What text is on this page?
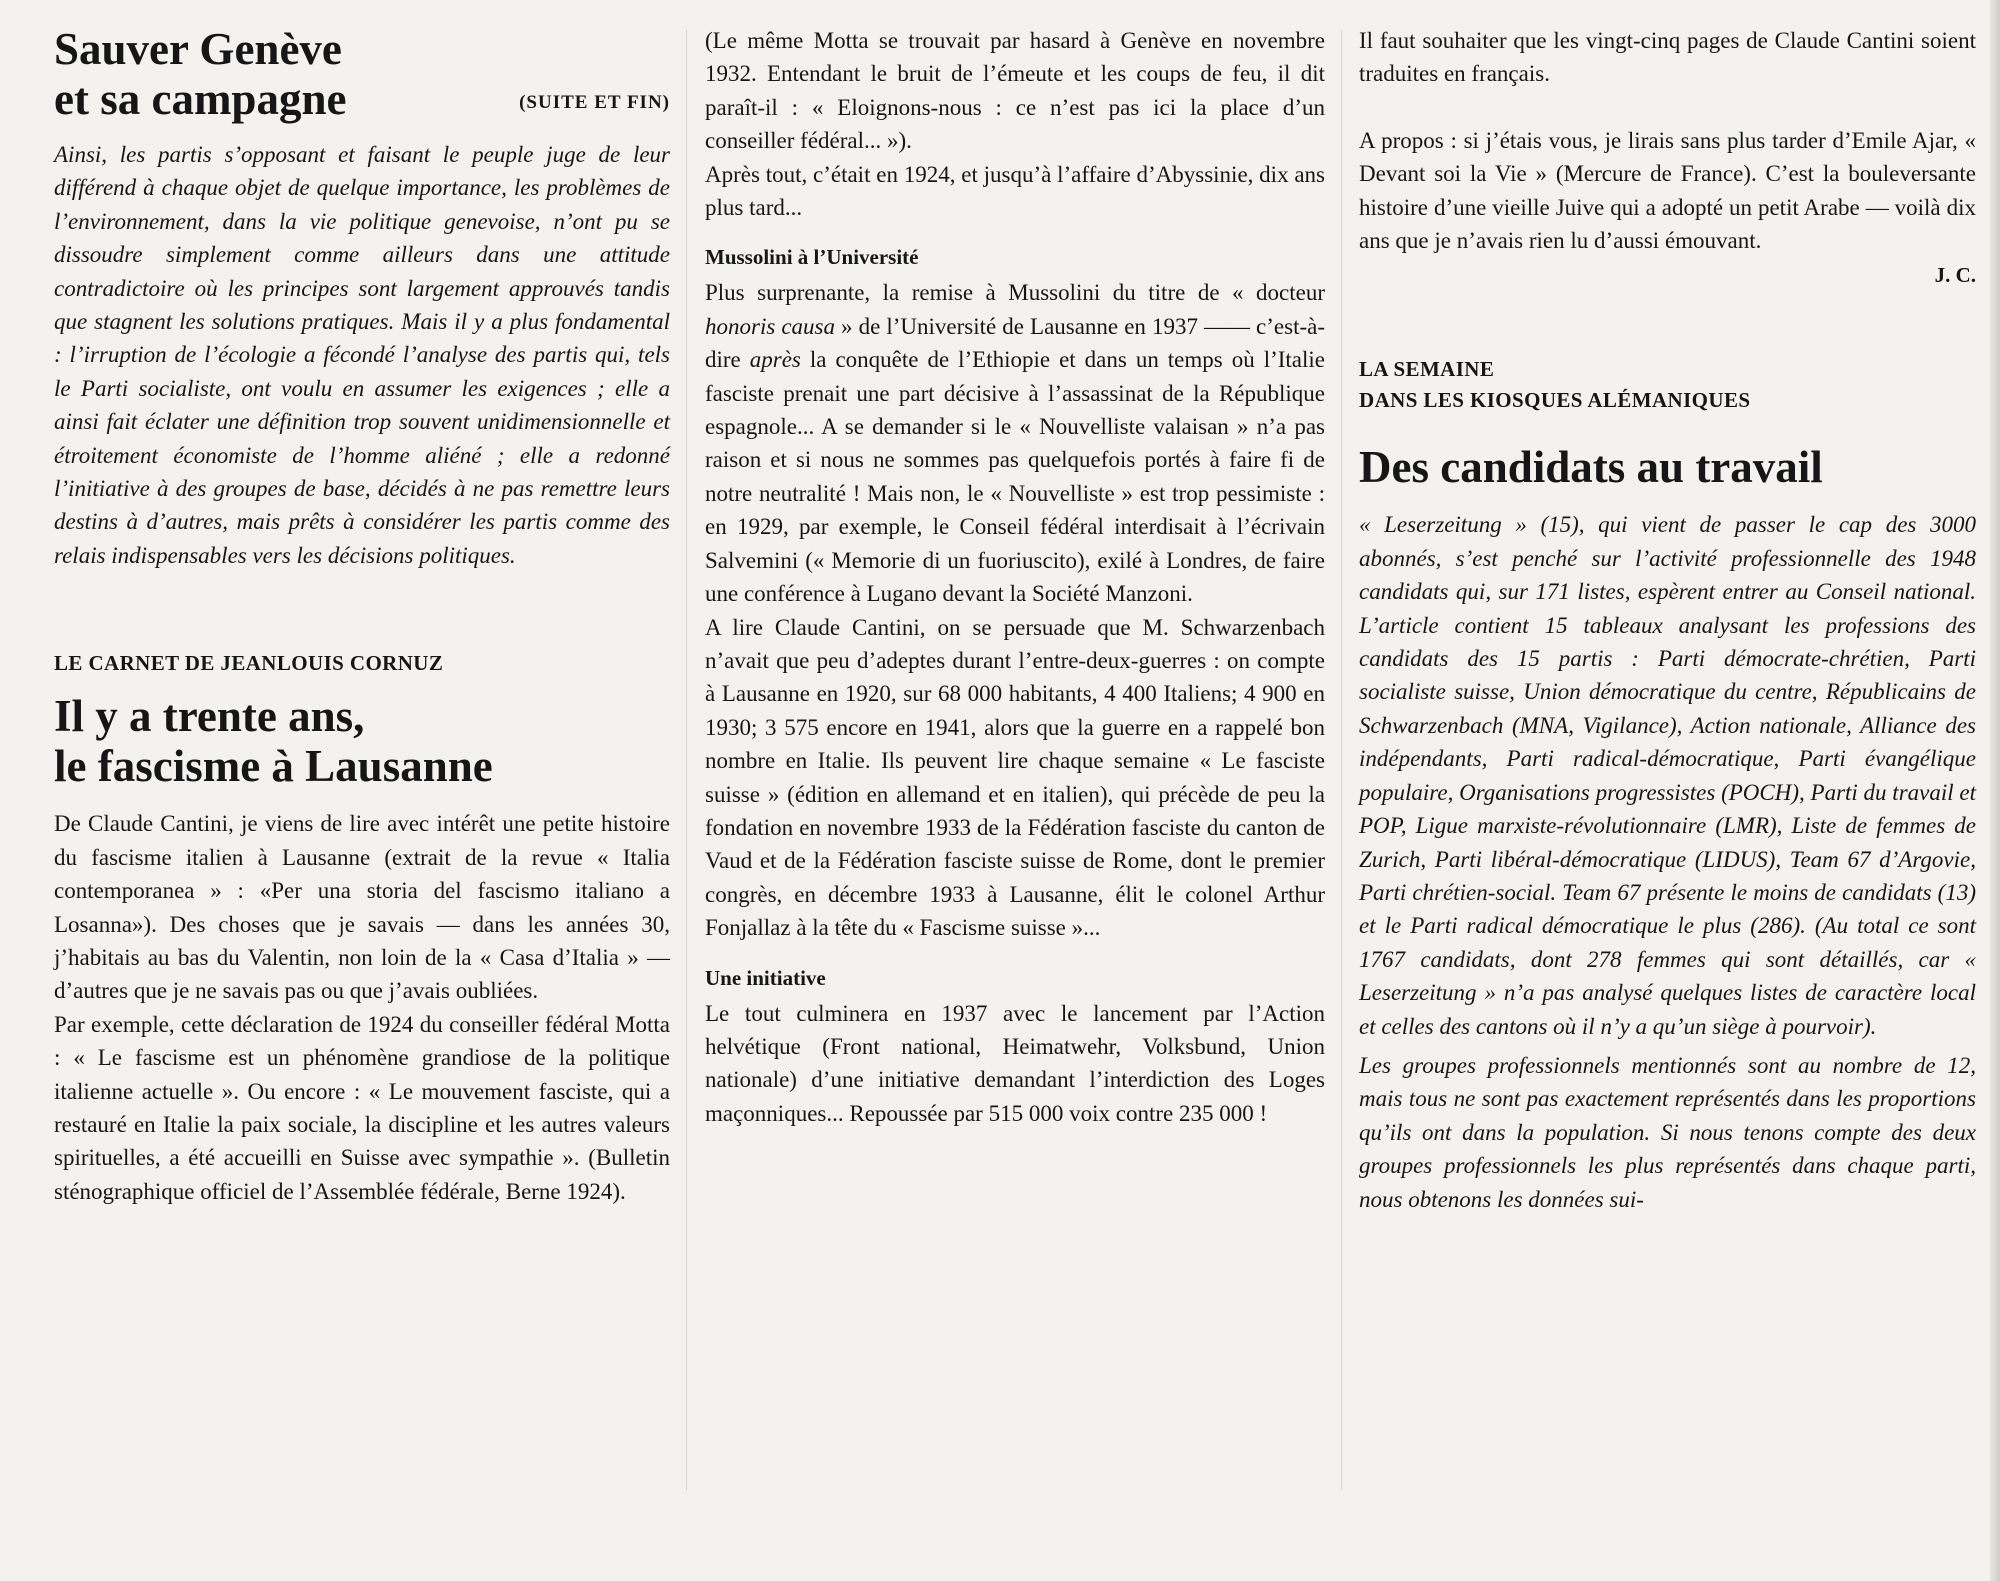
Sauver Genève
et sa campagne	(SUITE ET FIN)

Ainsi, les partis s’opposant et faisant le peuple juge de leur différend à chaque objet de quelque importance, les problèmes de l’environnement, dans la vie politique genevoise, n’ont pu se dissoudre simplement comme ailleurs dans une attitude contradictoire où les principes sont largement approuvés tandis que stagnent les solutions pratiques. Mais il y a plus fondamental : l’irruption de l’écologie a fécondé l’analyse des partis qui, tels le Parti socialiste, ont voulu en assumer les exigences ; elle a ainsi fait éclater une définition trop souvent unidimensionnelle et étroitement économiste de l’homme aliéné ; elle a redonné l’initiative à des groupes de base, décidés à ne pas remettre leurs destins à d’autres, mais prêts à considérer les partis comme des relais indispensables vers les décisions politiques.

LE CARNET DE JEANLOUIS CORNUZ
Il y a trente ans,
le fascisme à Lausanne

De Claude Cantini, je viens de lire avec intérêt une petite histoire du fascisme italien à Lausanne (extrait de la revue « Italia contemporanea » : «Per una storia del fascismo italiano a Losanna»). Des choses que je savais — dans les années 30, j’habitais au bas du Valentin, non loin de la « Casa d’Italia » — d’autres que je ne savais pas ou que j’avais oubliées.

Par exemple, cette déclaration de 1924 du conseiller fédéral Motta : « Le fascisme est un phénomène grandiose de la politique italienne actuelle ». Ou encore : « Le mouvement fasciste, qui a restauré en Italie la paix sociale, la discipline et les autres valeurs spirituelles, a été accueilli en Suisse avec sympathie ». (Bulletin sténographique officiel de l’Assemblée fédérale, Berne 1924).

(Le même Motta se trouvait par hasard à Genève en novembre 1932. Entendant le bruit de l’émeute et les coups de feu, il dit paraît-il : « Eloignons-nous : ce n’est pas ici la place d’un conseiller fédéral... »).

Après tout, c’était en 1924, et jusqu’à l’affaire d’Abyssinie, dix ans plus tard...

Mussolini à l’Université

Plus surprenante, la remise à Mussolini du titre de « docteur honoris causa » de l’Université de Lausanne en 1937 —— c’est-à-dire après la conquête de l’Ethiopie et dans un temps où l’Italie fasciste prenait une part décisive à l’assassinat de la République espagnole... A se demander si le « Nouvelliste valaisan » n’a pas raison et si nous ne sommes pas quelquefois portés à faire fi de notre neutralité ! Mais non, le « Nouvelliste » est trop pessimiste : en 1929, par exemple, le Conseil fédéral interdisait à l’écrivain Salvemini (« Memorie di un fuoriuscito), exilé à Londres, de faire une conférence à Lugano devant la Société Manzoni.

A lire Claude Cantini, on se persuade que M. Schwarzenbach n’avait que peu d’adeptes durant l’entre-deux-guerres : on compte à Lausanne en 1920, sur 68 000 habitants, 4 400 Italiens; 4 900 en 1930; 3 575 encore en 1941, alors que la guerre en a rappelé bon nombre en Italie. Ils peuvent lire chaque semaine « Le fasciste suisse » (édition en allemand et en italien), qui précède de peu la fondation en novembre 1933 de la Fédération fasciste du canton de Vaud et de la Fédération fasciste suisse de Rome, dont le premier congrès, en décembre 1933 à Lausanne, élit le colonel Arthur Fonjallaz à la tête du « Fascisme suisse »...

Une initiative

Le tout culminera en 1937 avec le lancement par l’Action helvétique (Front national, Heimatwehr, Volksbund, Union nationale) d’une initiative demandant l’interdiction des Loges maçonniques... Repoussée par 515 000 voix contre 235 000 !

Il faut souhaiter que les vingt-cinq pages de Claude Cantini soient traduites en français.

A propos : si j’étais vous, je lirais sans plus tarder d’Emile Ajar, « Devant soi la Vie » (Mercure de France). C’est la bouleversante histoire d’une vieille Juive qui a adopté un petit Arabe — voilà dix ans que je n’avais rien lu d’aussi émouvant.

J. C.
LA SEMAINE
DANS LES KIOSQUES ALÉMANIQUES
Des candidats au travail

« Leserzeitung » (15), qui vient de passer le cap des 3000 abonnés, s’est penché sur l’activité professionnelle des 1948 candidats qui, sur 171 listes, espèrent entrer au Conseil national. L’article contient 15 tableaux analysant les professions des candidats des 15 partis : Parti démocrate-chrétien, Parti socialiste suisse, Union démocratique du centre, Républicains de Schwarzenbach (MNA, Vigilance), Action nationale, Alliance des indépendants, Parti radical-démocratique, Parti évangélique populaire, Organisations progressistes (POCH), Parti du travail et POP, Ligue marxiste-révolutionnaire (LMR), Liste de femmes de Zurich, Parti libéral-démocratique (LIDUS), Team 67 d’Argovie, Parti chrétien-social. Team 67 présente le moins de candidats (13) et le Parti radical démocratique le plus (286). (Au total ce sont 1767 candidats, dont 278 femmes qui sont détaillés, car « Leserzeitung » n’a pas analysé quelques listes de caractère local et celles des cantons où il n’y a qu’un siège à pourvoir).

Les groupes professionnels mentionnés sont au nombre de 12, mais tous ne sont pas exactement représentés dans les proportions qu’ils ont dans la population. Si nous tenons compte des deux groupes professionnels les plus représentés dans chaque parti, nous obtenons les données sui-
